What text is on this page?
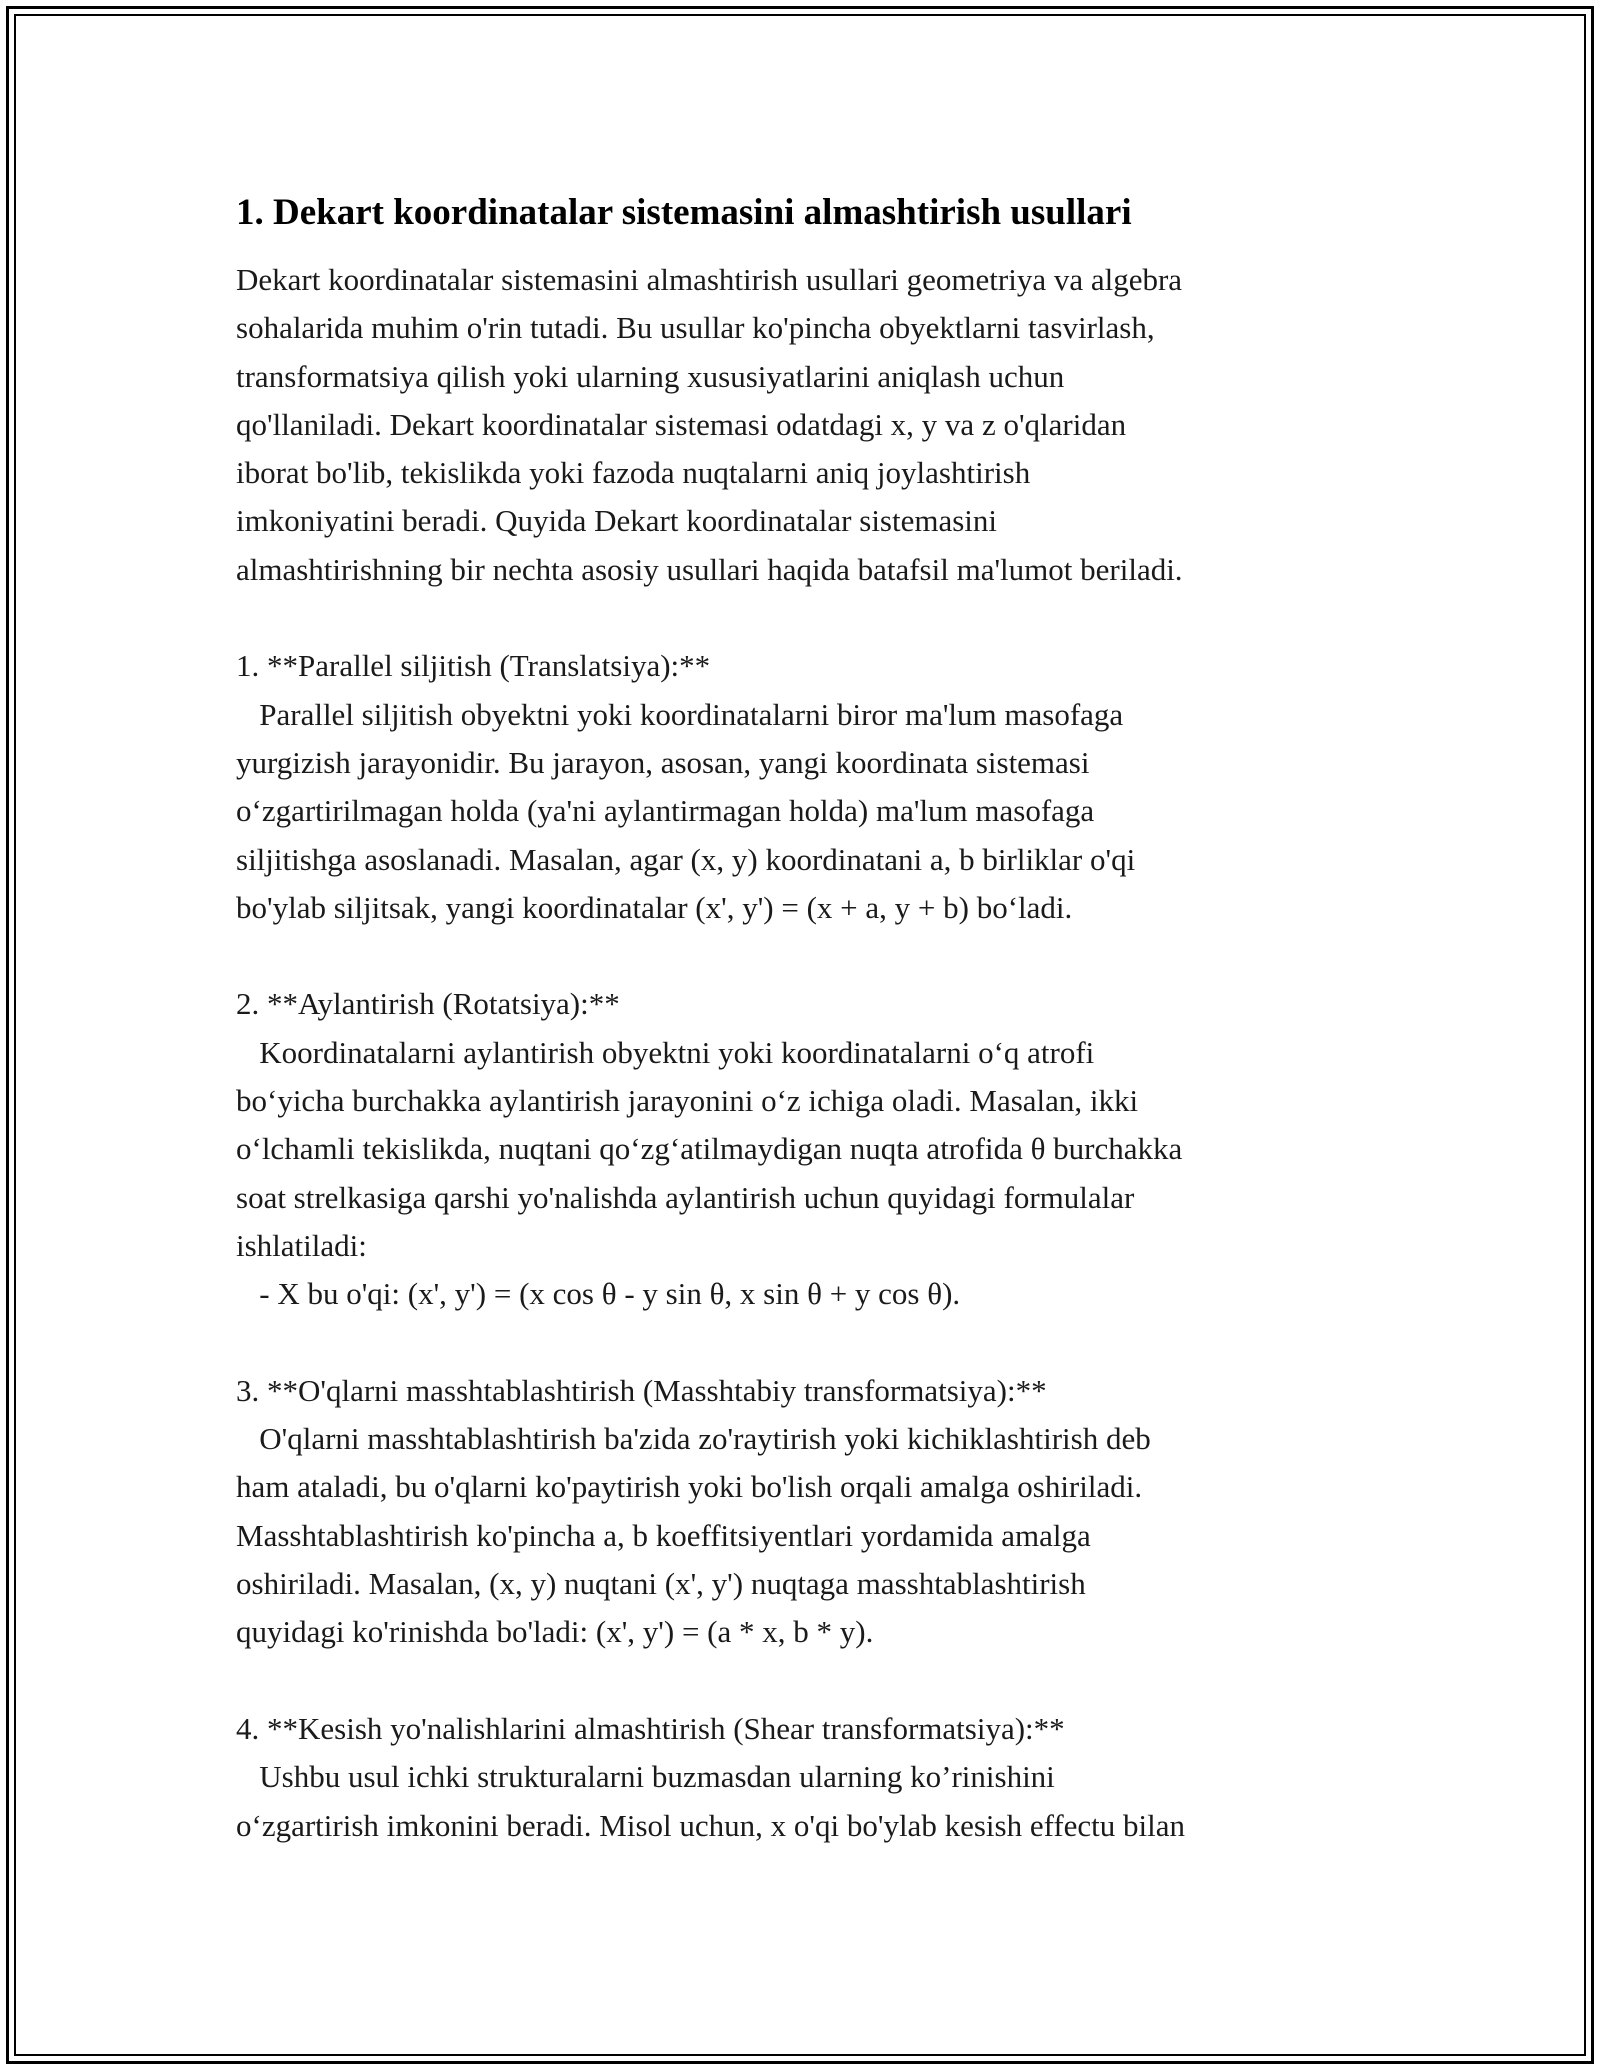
1. Dekart koordinatalar sistemasini almashtirish usullari
Dekart koordinatalar sistemasini almashtirish usullari geometriya va algebra
sohalarida muhim o'rin tutadi. Bu usullar ko'pincha obyektlarni tasvirlash,
transformatsiya qilish yoki ularning xususiyatlarini aniqlash uchun
qo'llaniladi. Dekart koordinatalar sistemasi odatdagi x, y va z o'qlaridan
iborat bo'lib, tekislikda yoki fazoda nuqtalarni aniq joylashtirish
imkoniyatini beradi. Quyida Dekart koordinatalar sistemasini
almashtirishning bir nechta asosiy usullari haqida batafsil ma'lumot beriladi.
1. **Parallel siljitish (Translatsiya):**
Parallel siljitish obyektni yoki koordinatalarni biror ma'lum masofaga
yurgizish jarayonidir. Bu jarayon, asosan, yangi koordinata sistemasi
o‘zgartirilmagan holda (ya'ni aylantirmagan holda) ma'lum masofaga
siljitishga asoslanadi. Masalan, agar (x, y) koordinatani a, b birliklar o'qi
bo'ylab siljitsak, yangi koordinatalar (x', y') = (x + a, y + b) bo‘ladi.
2. **Aylantirish (Rotatsiya):**
Koordinatalarni aylantirish obyektni yoki koordinatalarni o‘q atrofi
bo‘yicha burchakka aylantirish jarayonini o‘z ichiga oladi. Masalan, ikki
o‘lchamli tekislikda, nuqtani qo‘zg‘atilmaydigan nuqta atrofida θ burchakka
soat strelkasiga qarshi yo'nalishda aylantirish uchun quyidagi formulalar
ishlatiladi:
- X bu o'qi: (x', y') = (x cos θ - y sin θ, x sin θ + y cos θ).
3. **O'qlarni masshtablashtirish (Masshtabiy transformatsiya):**
O'qlarni masshtablashtirish ba'zida zo'raytirish yoki kichiklashtirish deb
ham ataladi, bu o'qlarni ko'paytirish yoki bo'lish orqali amalga oshiriladi.
Masshtablashtirish ko'pincha a, b koeffitsiyentlari yordamida amalga
oshiriladi. Masalan, (x, y) nuqtani (x', y') nuqtaga masshtablashtirish
quyidagi ko'rinishda bo'ladi: (x', y') = (a * x, b * y).
4. **Kesish yo'nalishlarini almashtirish (Shear transformatsiya):**
Ushbu usul ichki strukturalarni buzmasdan ularning ko’rinishini
o‘zgartirish imkonini beradi. Misol uchun, x o'qi bo'ylab kesish effectu bilan
